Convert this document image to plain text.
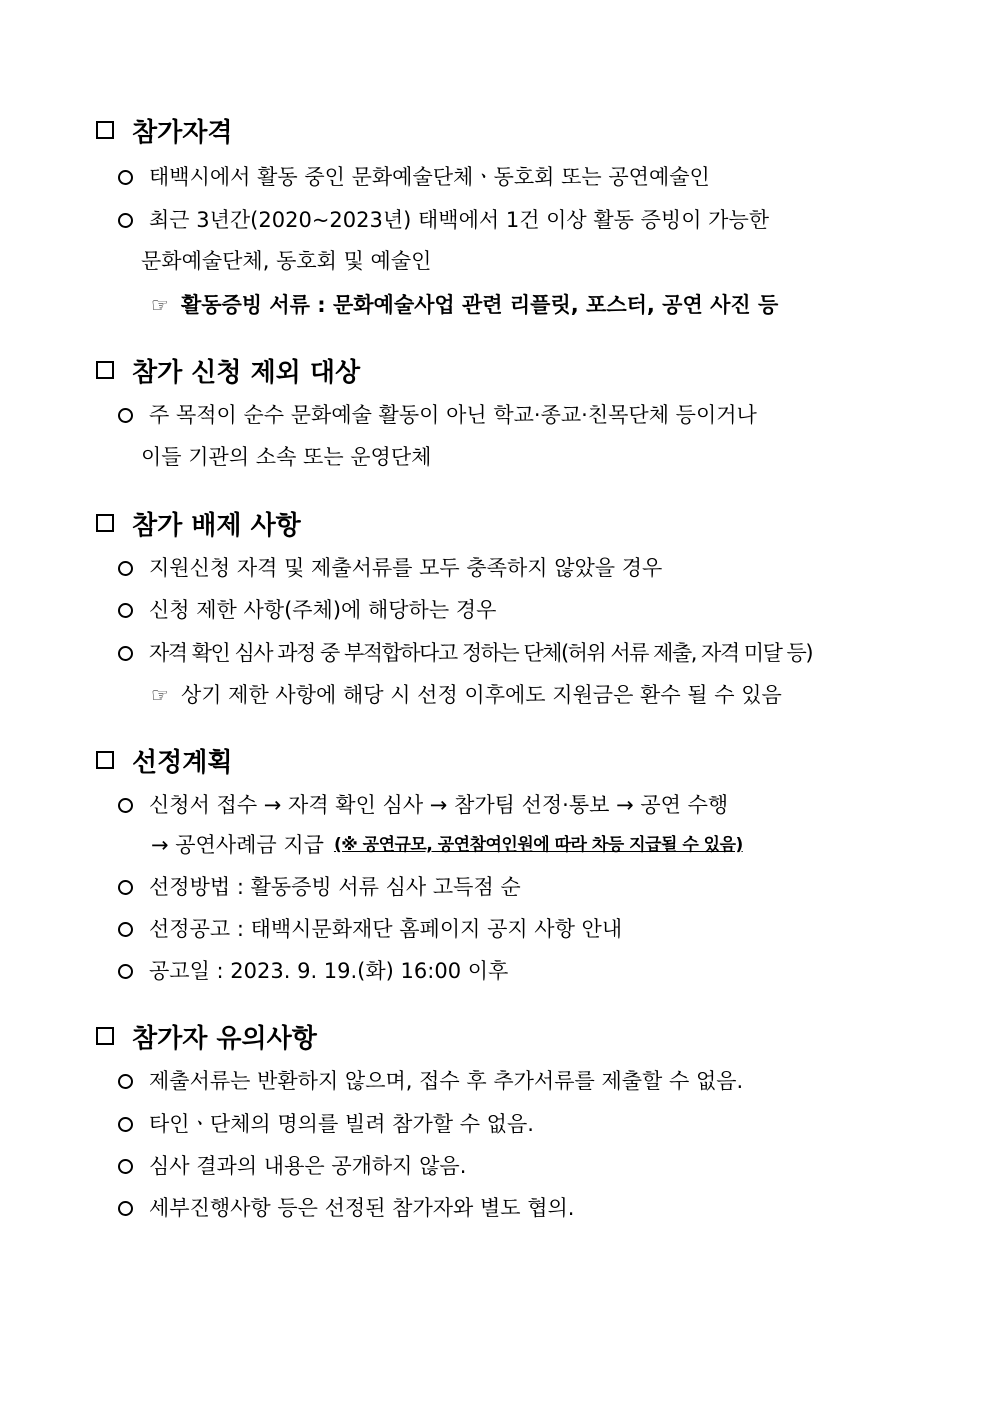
참가자격
태백시에서 활동 중인 문화예술단체ㆍ동호회 또는 공연예술인
최근 3년간(2020~2023년) 태백에서 1건 이상 활동 증빙이 가능한
문화예술단체, 동호회 및 예술인
☞ 활동증빙 서류 : 문화예술사업 관련 리플릿, 포스터, 공연 사진 등
참가 신청 제외 대상
주 목적이 순수 문화예술 활동이 아닌 학교·종교·친목단체 등이거나
이들 기관의 소속 또는 운영단체
참가 배제 사항
지원신청 자격 및 제출서류를 모두 충족하지 않았을 경우
신청 제한 사항(주체)에 해당하는 경우
자격 확인 심사 과정 중 부적합하다고 정하는 단체(허위 서류 제출, 자격 미달 등)
☞ 상기 제한 사항에 해당 시 선정 이후에도 지원금은 환수 될 수 있음
선정계획
신청서 접수 → 자격 확인 심사 → 참가팀 선정·통보 → 공연 수행
→ 공연사례금 지급 (※ 공연규모, 공연참여인원에 따라 차등 지급될 수 있음)
선정방법 : 활동증빙 서류 심사 고득점 순
선정공고 : 태백시문화재단 홈페이지 공지 사항 안내
공고일 : 2023. 9. 19.(화) 16:00 이후
참가자 유의사항
제출서류는 반환하지 않으며, 접수 후 추가서류를 제출할 수 없음.
타인ㆍ단체의 명의를 빌려 참가할 수 없음.
심사 결과의 내용은 공개하지 않음.
세부진행사항 등은 선정된 참가자와 별도 협의.
